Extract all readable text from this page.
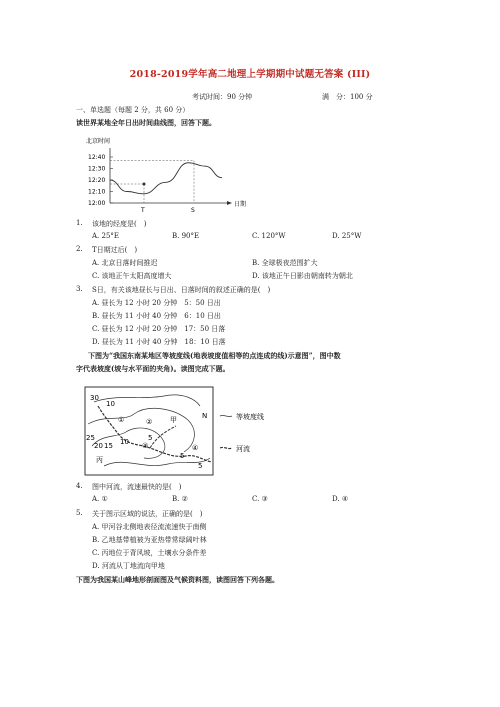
2018-2019学年高二地理上学期期中试题无答案 (III)
考试时间：90 分钟	满　分：100 分
一、单选题（每题 2 分，共 60 分）
读世界某地全年日出时间曲线图，回答下题。
北京时间
12:00
12:10
12:20
12:30
12:40
日期
T	S
1. 该地的经度是(　)
A. 25°E	B. 90°E	C. 120°W	D. 25°W
2. T日期过后(　)
A. 北京日落时间推迟	B. 全球极夜范围扩大
C. 该地正午太阳高度增大	D. 该地正午日影由朝南转为朝北
3. S日，有关该地昼长与日出、日落时间的叙述正确的是(　)
A. 昼长为 12 小时 20 分钟　5：50 日出
B. 昼长为 11 小时 40 分钟　6：10 日出
C. 昼长为 12 小时 20 分钟　17：50 日落
D. 昼长为 11 小时 40 分钟　18：10 日落
下图为“我国东南某地区等坡度线(地表坡度值相等的点连成的线)示意图”，图中数
字代表坡度(坡与水平面的夹角)。读图完成下题。
30
10
25
20 15 10	5
5
5
N
甲
丙
①	②
③	④
等坡度线
河流
4. 图中河流，流速最快的是(　)
A. ①	B. ②	C. ③	D. ④
5. 关于图示区域的说法，正确的是(　)
A. 甲河谷北侧地表径流流速快于南侧
B. 乙地基带植被为亚热带常绿阔叶林
C. 丙地位于背风坡，土壤水分条件差
D. 河流从丁地流向甲地
下图为我国某山峰地形剖面图及气候资料图，读图回答下列各题。
